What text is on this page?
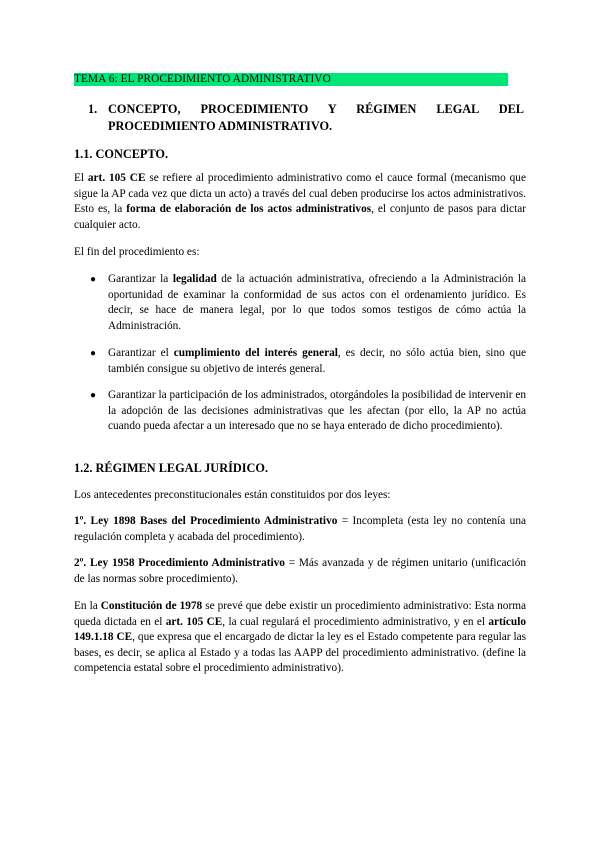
TEMA 6: EL PROCEDIMIENTO ADMINISTRATIVO
1. CONCEPTO, PROCEDIMIENTO Y RÉGIMEN LEGAL DEL PROCEDIMIENTO ADMINISTRATIVO.
1.1. CONCEPTO.
El art. 105 CE se refiere al procedimiento administrativo como el cauce formal (mecanismo que sigue la AP cada vez que dicta un acto) a través del cual deben producirse los actos administrativos. Esto es, la forma de elaboración de los actos administrativos, el conjunto de pasos para dictar cualquier acto.
El fin del procedimiento es:
● Garantizar la legalidad de la actuación administrativa, ofreciendo a la Administración la oportunidad de examinar la conformidad de sus actos con el ordenamiento jurídico. Es decir, se hace de manera legal, por lo que todos somos testigos de cómo actúa la Administración.
● Garantizar el cumplimiento del interés general, es decir, no sólo actúa bien, sino que también consigue su objetivo de interés general.
● Garantizar la participación de los administrados, otorgándoles la posibilidad de intervenir en la adopción de las decisiones administrativas que les afectan (por ello, la AP no actúa cuando pueda afectar a un interesado que no se haya enterado de dicho procedimiento).
1.2. RÉGIMEN LEGAL JURÍDICO.
Los antecedentes preconstitucionales están constituidos por dos leyes:
1º. Ley 1898 Bases del Procedimiento Administrativo = Incompleta (esta ley no contenía una regulación completa y acabada del procedimiento).
2º. Ley 1958 Procedimiento Administrativo = Más avanzada y de régimen unitario (unificación de las normas sobre procedimiento).
En la Constitución de 1978 se prevé que debe existir un procedimiento administrativo: Esta norma queda dictada en el art. 105 CE, la cual regulará el procedimiento administrativo, y en el artículo 149.1.18 CE, que expresa que el encargado de dictar la ley es el Estado competente para regular las bases, es decir, se aplica al Estado y a todas las AAPP del procedimiento administrativo. (define la competencia estatal sobre el procedimiento administrativo).
